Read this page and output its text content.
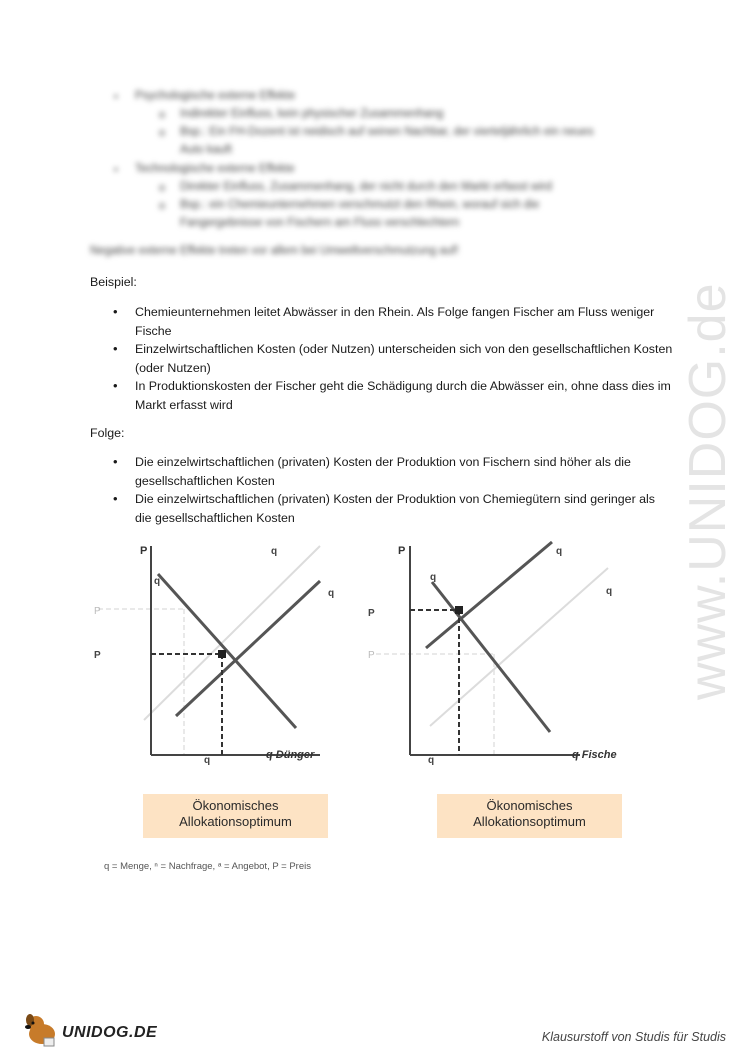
www.UNIDOG.de
• Psychologische externe Effekte
o Indirekter Einfluss, kein physischer Zusammenhang
o Bsp.: Ein FH-Dozent ist neidisch auf seinen Nachbar, der vierteljährlich ein neues
Auto kauft
• Technologische externe Effekte
o Direkter Einfluss, Zusammenhang, der nicht durch den Markt erfasst wird
o Bsp.: ein Chemieunternehmen verschmutzt den Rhein, worauf sich die
Fangergebnisse von Fischern am Fluss verschlechtern
Negative externe Effekte treten vor allem bei Umweltverschmutzung auf!
Beispiel:
• Chemieunternehmen leitet Abwässer in den Rhein. Als Folge fangen Fischer am Fluss weniger Fische
• Einzelwirtschaftlichen Kosten (oder Nutzen) unterscheiden sich von den gesellschaftlichen Kosten (oder Nutzen)
• In Produktionskosten der Fischer geht die Schädigung durch die Abwässer ein, ohne dass dies im Markt erfasst wird
Folge:
• Die einzelwirtschaftlichen (privaten) Kosten der Produktion von Fischern sind höher als die gesellschaftlichen Kosten
• Die einzelwirtschaftlichen (privaten) Kosten der Produktion von Chemiegütern sind geringer als die gesellschaftlichen Kosten
P
q Dünger
q
q
q
P
P
q
Ökonomisches
Allokationsoptimum
P
q Fische
q
q
q
P
P
q
Ökonomisches
Allokationsoptimum
q = Menge, ⁿ = Nachfrage, ᵃ = Angebot, P = Preis
UNIDOG.DE	Klausurstoff von Studis für Studis
